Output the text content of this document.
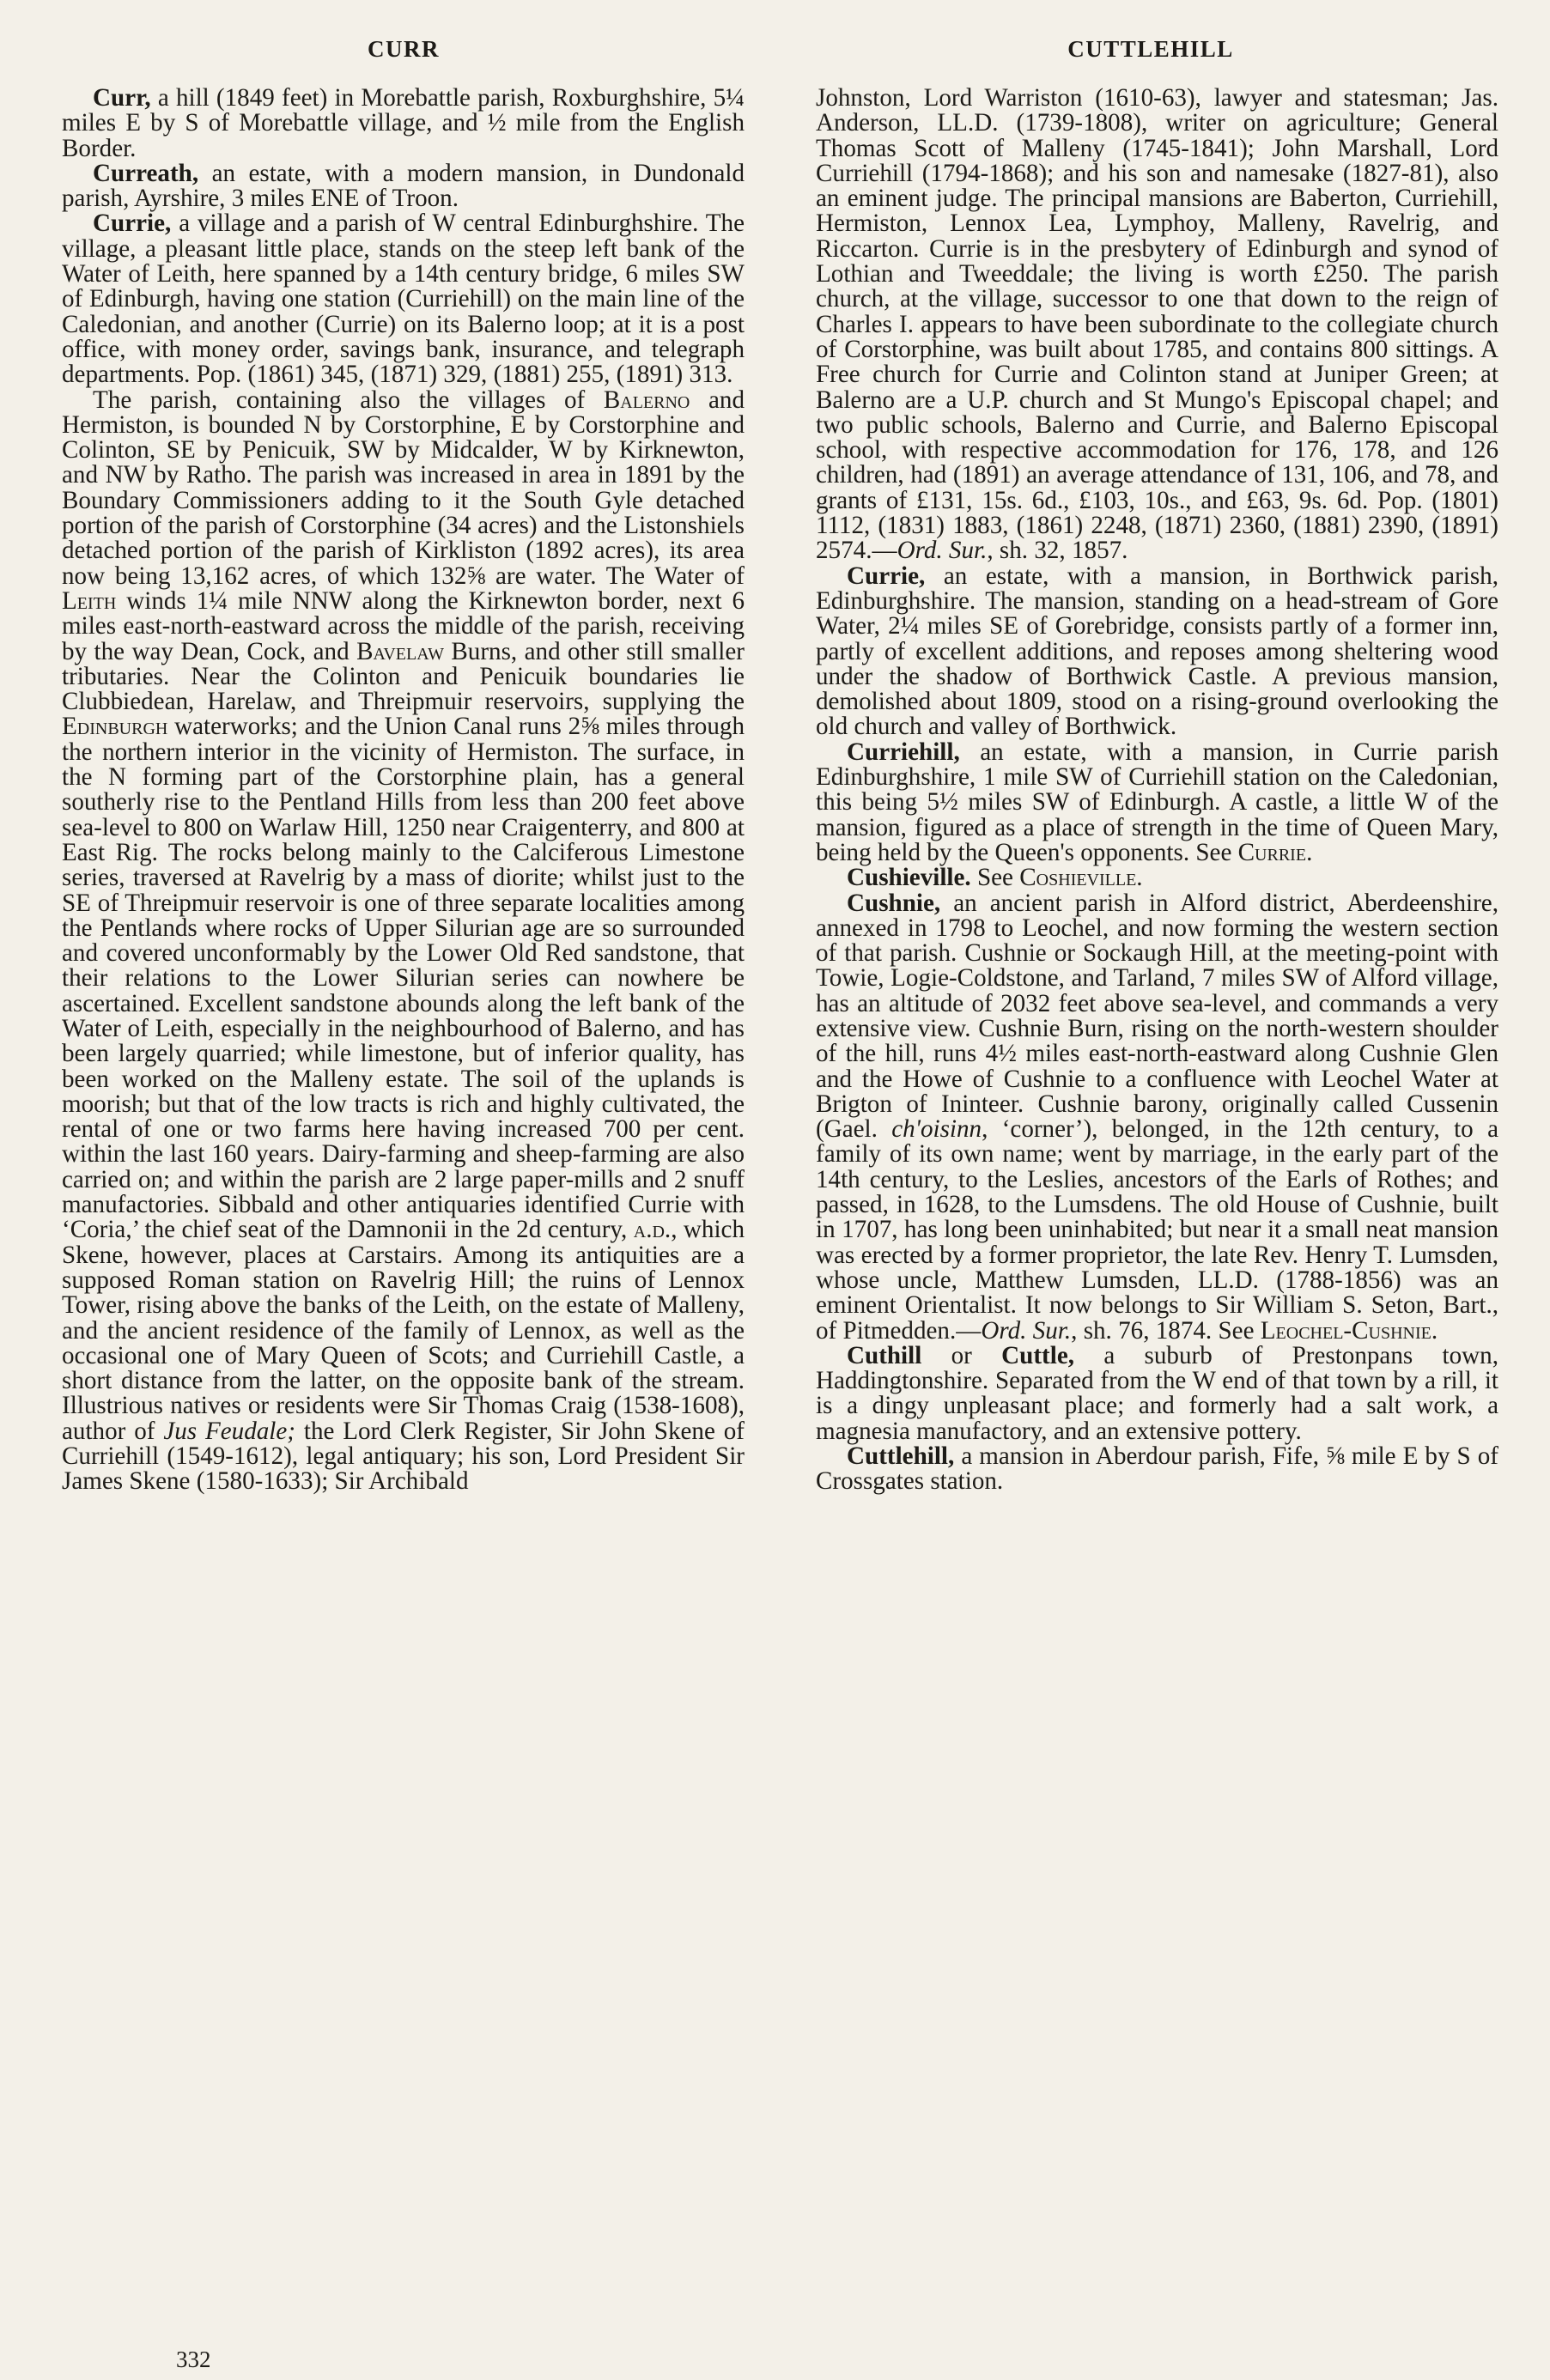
CURR	CUTTLEHILL

Curr, a hill (1849 feet) in Morebattle parish, Roxburghshire, 5¼ miles E by S of Morebattle village, and ½ mile from the English Border.

Curreath, an estate, with a modern mansion, in Dundonald parish, Ayrshire, 3 miles ENE of Troon.

Currie, a village and a parish of W central Edinburghshire. The village, a pleasant little place, stands on the steep left bank of the Water of Leith, here spanned by a 14th century bridge, 6 miles SW of Edinburgh, having one station (Curriehill) on the main line of the Caledonian, and another (Currie) on its Balerno loop; at it is a post office, with money order, savings bank, insurance, and telegraph departments. Pop. (1861) 345, (1871) 329, (1881) 255, (1891) 313.

The parish, containing also the villages of Balerno and Hermiston, is bounded N by Corstorphine, E by Corstorphine and Colinton, SE by Penicuik, SW by Midcalder, W by Kirknewton, and NW by Ratho. The parish was increased in area in 1891 by the Boundary Commissioners adding to it the South Gyle detached portion of the parish of Corstorphine (34 acres) and the Listonshiels detached portion of the parish of Kirkliston (1892 acres), its area now being 13,162 acres, of which 132⅝ are water. The Water of Leith winds 1¼ mile NNW along the Kirknewton border, next 6 miles east-north-eastward across the middle of the parish, receiving by the way Dean, Cock, and Bavelaw Burns, and other still smaller tributaries. Near the Colinton and Penicuik boundaries lie Clubbiedean, Harelaw, and Threipmuir reservoirs, supplying the Edinburgh waterworks; and the Union Canal runs 2⅝ miles through the northern interior in the vicinity of Hermiston. The surface, in the N forming part of the Corstorphine plain, has a general southerly rise to the Pentland Hills from less than 200 feet above sea-level to 800 on Warlaw Hill, 1250 near Craigenterry, and 800 at East Rig. The rocks belong mainly to the Calciferous Limestone series, traversed at Ravelrig by a mass of diorite; whilst just to the SE of Threipmuir reservoir is one of three separate localities among the Pentlands where rocks of Upper Silurian age are so surrounded and covered unconformably by the Lower Old Red sandstone, that their relations to the Lower Silurian series can nowhere be ascertained. Excellent sandstone abounds along the left bank of the Water of Leith, especially in the neighbourhood of Balerno, and has been largely quarried; while limestone, but of inferior quality, has been worked on the Malleny estate. The soil of the uplands is moorish; but that of the low tracts is rich and highly cultivated, the rental of one or two farms here having increased 700 per cent. within the last 160 years. Dairy-farming and sheep-farming are also carried on; and within the parish are 2 large paper-mills and 2 snuff manufactories. Sibbald and other antiquaries identified Currie with ‘Coria,’ the chief seat of the Damnonii in the 2d century, a.d., which Skene, however, places at Carstairs. Among its antiquities are a supposed Roman station on Ravelrig Hill; the ruins of Lennox Tower, rising above the banks of the Leith, on the estate of Malleny, and the ancient residence of the family of Lennox, as well as the occasional one of Mary Queen of Scots; and Curriehill Castle, a short distance from the latter, on the opposite bank of the stream. Illustrious natives or residents were Sir Thomas Craig (1538-1608), author of Jus Feudale; the Lord Clerk Register, Sir John Skene of Curriehill (1549-1612), legal antiquary; his son, Lord President Sir James Skene (1580-1633); Sir Archibald

Johnston, Lord Warriston (1610-63), lawyer and statesman; Jas. Anderson, LL.D. (1739-1808), writer on agriculture; General Thomas Scott of Malleny (1745-1841); John Marshall, Lord Curriehill (1794-1868); and his son and namesake (1827-81), also an eminent judge. The principal mansions are Baberton, Curriehill, Hermiston, Lennox Lea, Lymphoy, Malleny, Ravelrig, and Riccarton. Currie is in the presbytery of Edinburgh and synod of Lothian and Tweeddale; the living is worth £250. The parish church, at the village, successor to one that down to the reign of Charles I. appears to have been subordinate to the collegiate church of Corstorphine, was built about 1785, and contains 800 sittings. A Free church for Currie and Colinton stand at Juniper Green; at Balerno are a U.P. church and St Mungo's Episcopal chapel; and two public schools, Balerno and Currie, and Balerno Episcopal school, with respective accommodation for 176, 178, and 126 children, had (1891) an average attendance of 131, 106, and 78, and grants of £131, 15s. 6d., £103, 10s., and £63, 9s. 6d. Pop. (1801) 1112, (1831) 1883, (1861) 2248, (1871) 2360, (1881) 2390, (1891) 2574.—Ord. Sur., sh. 32, 1857.

Currie, an estate, with a mansion, in Borthwick parish, Edinburghshire. The mansion, standing on a head-stream of Gore Water, 2¼ miles SE of Gorebridge, consists partly of a former inn, partly of excellent additions, and reposes among sheltering wood under the shadow of Borthwick Castle. A previous mansion, demolished about 1809, stood on a rising-ground overlooking the old church and valley of Borthwick.

Curriehill, an estate, with a mansion, in Currie parish Edinburghshire, 1 mile SW of Curriehill station on the Caledonian, this being 5½ miles SW of Edinburgh. A castle, a little W of the mansion, figured as a place of strength in the time of Queen Mary, being held by the Queen's opponents. See Currie.

Cushieville. See Coshieville.

Cushnie, an ancient parish in Alford district, Aberdeenshire, annexed in 1798 to Leochel, and now forming the western section of that parish. Cushnie or Sockaugh Hill, at the meeting-point with Towie, Logie-Coldstone, and Tarland, 7 miles SW of Alford village, has an altitude of 2032 feet above sea-level, and commands a very extensive view. Cushnie Burn, rising on the north-western shoulder of the hill, runs 4½ miles east-north-eastward along Cushnie Glen and the Howe of Cushnie to a confluence with Leochel Water at Brigton of Ininteer. Cushnie barony, originally called Cussenin (Gael. ch'oisinn, ‘corner’), belonged, in the 12th century, to a family of its own name; went by marriage, in the early part of the 14th century, to the Leslies, ancestors of the Earls of Rothes; and passed, in 1628, to the Lumsdens. The old House of Cushnie, built in 1707, has long been uninhabited; but near it a small neat mansion was erected by a former proprietor, the late Rev. Henry T. Lumsden, whose uncle, Matthew Lumsden, LL.D. (1788-1856) was an eminent Orientalist. It now belongs to Sir William S. Seton, Bart., of Pitmedden.—Ord. Sur., sh. 76, 1874. See Leochel-Cushnie.

Cuthill or Cuttle, a suburb of Prestonpans town, Haddingtonshire. Separated from the W end of that town by a rill, it is a dingy unpleasant place; and formerly had a salt work, a magnesia manufactory, and an extensive pottery.

Cuttlehill, a mansion in Aberdour parish, Fife, ⅝ mile E by S of Crossgates station.

332
